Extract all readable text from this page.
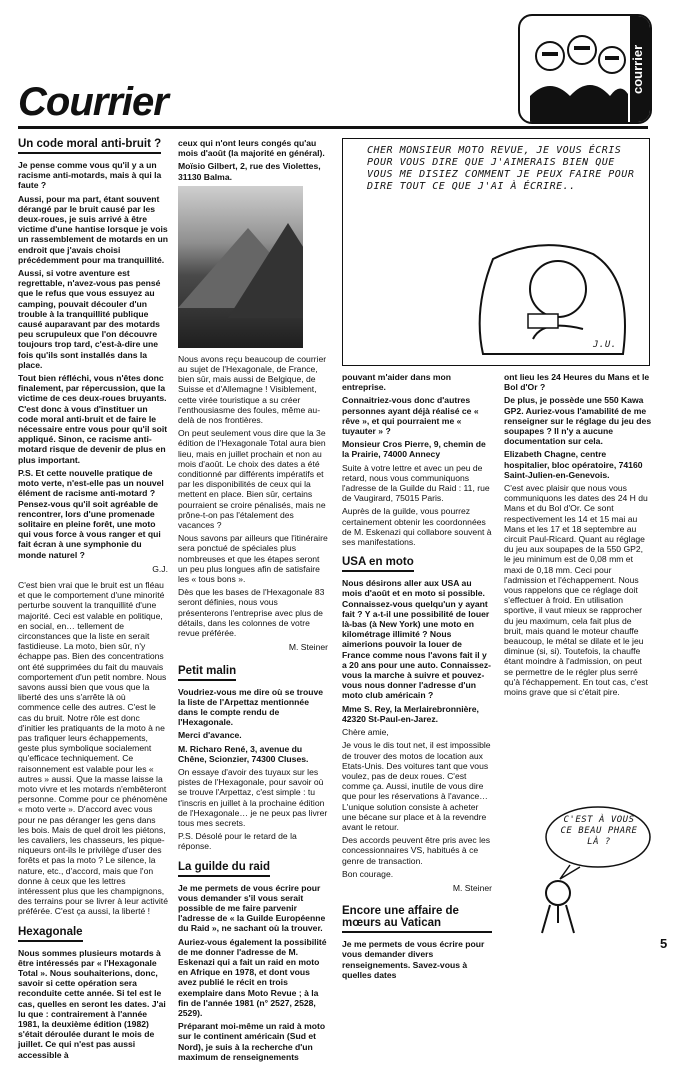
Courrier
courrier
Un code moral anti-bruit ?

Je pense comme vous qu'il y a un racisme anti-motards, mais à qui la faute ?

Aussi, pour ma part, étant souvent dérangé par le bruit causé par les deux-roues, je suis arrivé à être victime d'une hantise lorsque je vois un rassemblement de motards en un endroit que j'avais choisi précédemment pour ma tranquillité.

Aussi, si votre aventure est regrettable, n'avez-vous pas pensé que le refus que vous essuyez au camping, pouvait découler d'un trouble à la tranquillité publique causé auparavant par des motards peu scrupuleux que l'on découvre toujours trop tard, c'est-à-dire une fois qu'ils sont installés dans la place.

Tout bien réfléchi, vous n'êtes donc finalement, par répercussion, que la victime de ces deux-roues bruyants. C'est donc à vous d'instituer un code moral anti-bruit et de faire le nécessaire entre vous pour qu'il soit appliqué. Sinon, ce racisme anti-motard risque de devenir de plus en plus important.

P.S. Et cette nouvelle pratique de moto verte, n'est-elle pas un nouvel élément de racisme anti-motard ? Pensez-vous qu'il soit agréable de rencontrer, lors d'une promenade solitaire en pleine forêt, une moto qui vous force à vous ranger et qui fait écran à une symphonie du monde naturel ?

G.J.

C'est bien vrai que le bruit est un fléau et que le comportement d'une minorité perturbe souvent la tranquillité d'une majorité. Ceci est valable en politique, en social, en… tellement de circonstances que la liste en serait fastidieuse. La moto, bien sûr, n'y échappe pas. Bien des concentrations ont été supprimées du fait du mauvais comportement d'un petit nombre. Nous savons aussi bien que vous que la liberté des uns s'arrête là où commence celle des autres. C'est le cas du bruit. Notre rôle est donc d'initier les pratiquants de la moto à ne pas trafiquer leurs échappements, geste plus symbolique socialement qu'efficace techniquement. Ce raisonnement est valable pour les « autres » aussi. Que la masse laisse la moto vivre et les motards n'embêteront personne. Comme pour ce phénomène « moto verte ». D'accord avec vous pour ne pas déranger les gens dans les bois. Mais de quel droit les piétons, les cavaliers, les chasseurs, les pique-niqueurs ont-ils le privilège d'user des forêts et pas la moto ? Le silence, la nature, etc., d'accord, mais que l'on donne à ceux que les lettres intéressent plus que les champignons, des terrains pour se livrer à leur activité préférée. C'est ça aussi, la liberté !

Hexagonale

Nous sommes plusieurs motards à être intéressés par « l'Hexagonale Total ». Nous souhaiterions, donc, savoir si cette opération sera reconduite cette année. Si tel est le cas, quelles en seront les dates. J'ai lu que : contrairement à l'année 1981, la deuxième édition (1982) s'était déroulée durant le mois de juillet. Ce qui n'est pas aussi accessible à

ceux qui n'ont leurs congés qu'au mois d'août (la majorité en général).

Moïsio Gilbert, 2, rue des Violettes, 31130 Balma.

Nous avons reçu beaucoup de courrier au sujet de l'Hexagonale, de France, bien sûr, mais aussi de Belgique, de Suisse et d'Allemagne ! Visiblement, cette virée touristique a su créer l'enthousiasme des foules, même au-delà de nos frontières.

On peut seulement vous dire que la 3e édition de l'Hexagonale Total aura bien lieu, mais en juillet prochain et non au mois d'août. Le choix des dates a été conditionné par différents impératifs et par les disponibilités de ceux qui la mettent en place. Bien sûr, certains pourraient se croire pénalisés, mais ne prône-t-on pas l'étalement des vacances ?

Nous savons par ailleurs que l'itinéraire sera ponctué de spéciales plus nombreuses et que les étapes seront un peu plus longues afin de satisfaire les « tous bons ».

Dès que les bases de l'Hexagonale 83 seront définies, nous vous présenterons l'entreprise avec plus de détails, dans les colonnes de votre revue préférée.

M. Steiner
Petit malin

Voudriez-vous me dire où se trouve la liste de l'Arpettaz mentionnée dans le compte rendu de l'Hexagonale.

Merci d'avance.

M. Richaro René, 3, avenue du Chêne, Scionzier, 74300 Cluses.

On essaye d'avoir des tuyaux sur les pistes de l'Hexagonale, pour savoir où se trouve l'Arpettaz, c'est simple : tu t'inscris en juillet à la prochaine édition de l'Hexagonale… je ne peux pas livrer tous mes secrets.

P.S. Désolé pour le retard de la réponse.

La guilde du raid

Je me permets de vous écrire pour vous demander s'il vous serait possible de me faire parvenir l'adresse de « la Guilde Européenne du Raid », ne sachant où la trouver.

Auriez-vous également la possibilité de me donner l'adresse de M. Eskenazi qui a fait un raid en moto en Afrique en 1978, et dont vous avez publié le récit en trois exemplaire dans Moto Revue ; à la fin de l'année 1981 (n° 2527, 2528, 2529).

Préparant moi-même un raid à moto sur le continent américain (Sud et Nord), je suis à la recherche d'un maximum de renseignements

CHER MONSIEUR MOTO REVUE, JE VOUS ÉCRIS POUR VOUS DIRE QUE J'AIMERAIS BIEN QUE VOUS ME DISIEZ COMMENT JE PEUX FAIRE POUR DIRE TOUT CE QUE J'AI À ÉCRIRE..
J.U.

pouvant m'aider dans mon entreprise.

Connaitriez-vous donc d'autres personnes ayant déjà réalisé ce « rêve », et qui pourraient me « tuyauter » ?

Monsieur Cros Pierre, 9, chemin de la Prairie, 74000 Annecy

Suite à votre lettre et avec un peu de retard, nous vous communiquons l'adresse de la Guilde du Raid : 11, rue de Vaugirard, 75015 Paris.

Auprès de la guilde, vous pourrez certainement obtenir les coordonnées de M. Eskenazi qui collabore souvent à ses manifestations.

USA en moto

Nous désirons aller aux USA au mois d'août et en moto si possible. Connaissez-vous quelqu'un y ayant fait ? Y a-t-il une possibilité de louer là-bas (à New York) une moto en kilométrage illimité ? Nous aimerions pouvoir la louer de France comme nous l'avons fait il y a 20 ans pour une auto. Connaissez-vous la marche à suivre et pouvez-vous nous donner l'adresse d'un moto club américain ?

Mme S. Rey, la Merlairebronnière, 42320 St-Paul-en-Jarez.

Chère amie,

Je vous le dis tout net, il est impossible de trouver des motos de location aux Etats-Unis. Des voitures tant que vous voulez, pas de deux roues. C'est comme ça. Aussi, inutile de vous dire que pour les réservations à l'avance… L'unique solution consiste à acheter une bécane sur place et à la revendre avant le retour.

Des accords peuvent être pris avec les concessionnaires VS, habitués à ce genre de transaction.

Bon courage.

M. Steiner
Encore une affaire de mœurs au Vatican

Je me permets de vous écrire pour vous demander divers renseignements. Savez-vous à quelles dates

ont lieu les 24 Heures du Mans et le Bol d'Or ?

De plus, je possède une 550 Kawa GP2. Auriez-vous l'amabilité de me renseigner sur le réglage du jeu des soupapes ? Il n'y a aucune documentation sur cela.

Elizabeth Chagne, centre hospitalier, bloc opératoire, 74160 Saint-Julien-en-Genevois.

C'est avec plaisir que nous vous communiquons les dates des 24 H du Mans et du Bol d'Or. Ce sont respectivement les 14 et 15 mai au Mans et les 17 et 18 septembre au circuit Paul-Ricard. Quant au réglage du jeu aux soupapes de la 550 GP2, le jeu minimum est de 0,08 mm et maxi de 0,18 mm. Ceci pour l'admission et l'échappement. Nous vous rappelons que ce réglage doit s'effectuer à froid. En utilisation sportive, il vaut mieux se rapprocher du jeu maximum, cela fait plus de bruit, mais quand le moteur chauffe beaucoup, le métal se dilate et le jeu diminue (si, si). Toutefois, la chauffe étant moindre à l'admission, on peut se permettre de le régler plus serré qu'à l'échappement. En tout cas, c'est moins grave que si c'était pire.

C'EST À VOUS CE BEAU PHARE LÀ ?
5
